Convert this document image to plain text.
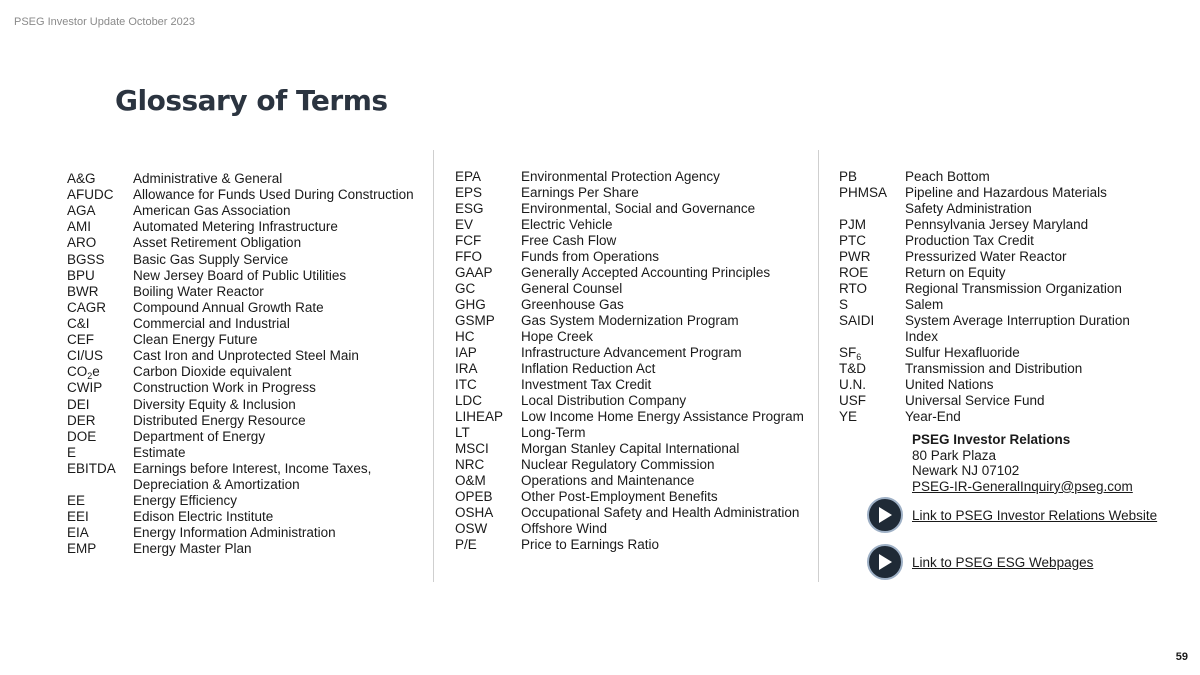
PSEG Investor Update October 2023
Glossary of Terms
A&G	Administrative & General
AFUDC	Allowance for Funds Used During Construction
AGA	American Gas Association
AMI	Automated Metering Infrastructure
ARO	Asset Retirement Obligation
BGSS	Basic Gas Supply Service
BPU	New Jersey Board of Public Utilities
BWR	Boiling Water Reactor
CAGR	Compound Annual Growth Rate
C&I	Commercial and Industrial
CEF	Clean Energy Future
CI/US	Cast Iron and Unprotected Steel Main
$CO_2e$	Carbon Dioxide equivalent
CWIP	Construction Work in Progress
DEI	Diversity Equity & Inclusion
DER	Distributed Energy Resource
DOE	Department of Energy
E	Estimate
EBITDA	Earnings before Interest, Income Taxes, Depreciation & Amortization
EE	Energy Efficiency
EEI	Edison Electric Institute
EIA	Energy Information Administration
EMP	Energy Master Plan
EPA	Environmental Protection Agency
EPS	Earnings Per Share
ESG	Environmental, Social and Governance
EV	Electric Vehicle
FCF	Free Cash Flow
FFO	Funds from Operations
GAAP	Generally Accepted Accounting Principles
GC	General Counsel
GHG	Greenhouse Gas
GSMP	Gas System Modernization Program
HC	Hope Creek
IAP	Infrastructure Advancement Program
IRA	Inflation Reduction Act
ITC	Investment Tax Credit
LDC	Local Distribution Company
LIHEAP	Low Income Home Energy Assistance Program
LT	Long-Term
MSCI	Morgan Stanley Capital International
NRC	Nuclear Regulatory Commission
O&M	Operations and Maintenance
OPEB	Other Post-Employment Benefits
OSHA	Occupational Safety and Health Administration
OSW	Offshore Wind
P/E	Price to Earnings Ratio
PB	Peach Bottom
PHMSA	Pipeline and Hazardous Materials Safety Administration
PJM	Pennsylvania Jersey Maryland
PTC	Production Tax Credit
PWR	Pressurized Water Reactor
ROE	Return on Equity
RTO	Regional Transmission Organization
S	Salem
SAIDI	System Average Interruption Duration Index
$SF_6$	Sulfur Hexafluoride
T&D	Transmission and Distribution
U.N.	United Nations
USF	Universal Service Fund
YE	Year-End
PSEG Investor Relations
80 Park Plaza
Newark NJ 07102
PSEG-IR-GeneralInquiry@pseg.com
Link to PSEG Investor Relations Website
Link to PSEG ESG Webpages
59
